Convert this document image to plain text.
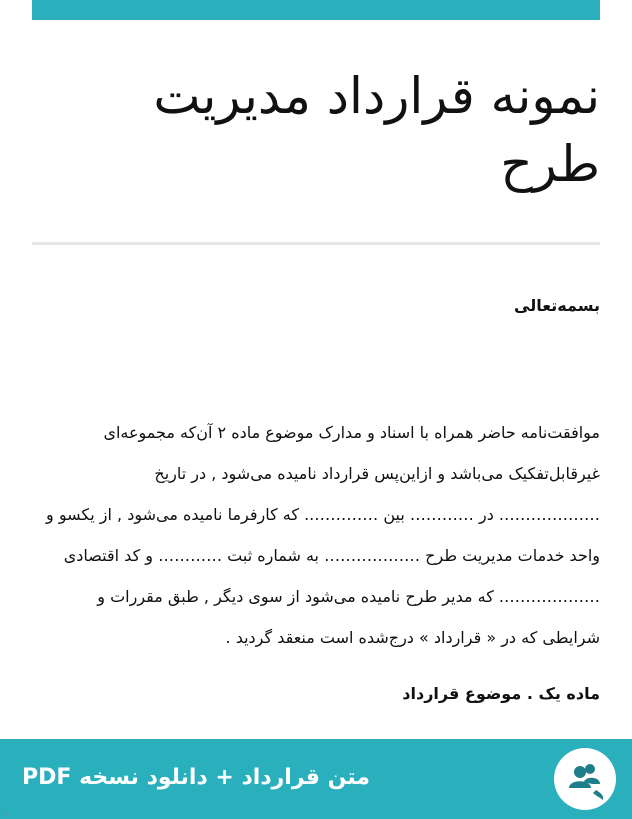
نمونه قرارداد مدیریت
طرح
بسمه‌تعالی
موافقت‌نامه حاضر همراه با اسناد و مدارک موضوع ماده ۲ آن‌که مجموعه‌ای
غیرقابل‌تفکیک می‌باشد و ازاین‌پس قرارداد نامیده می‌شود , در تاریخ
………………. در ………… بین ………….. که کارفرما نامیده می‌شود , از یکسو و
واحد خدمات مدیریت طرح ……………… به شماره ثبت ………… و کد اقتصادی
………………. که مدیر طرح نامیده می‌شود از سوی دیگر , طبق مقررات و
شرایطی که در « قرارداد » درج‌شده است منعقد گردید .
ماده یک . موضوع قرارداد
متن قرارداد + دانلود نسخه PDF
ر
